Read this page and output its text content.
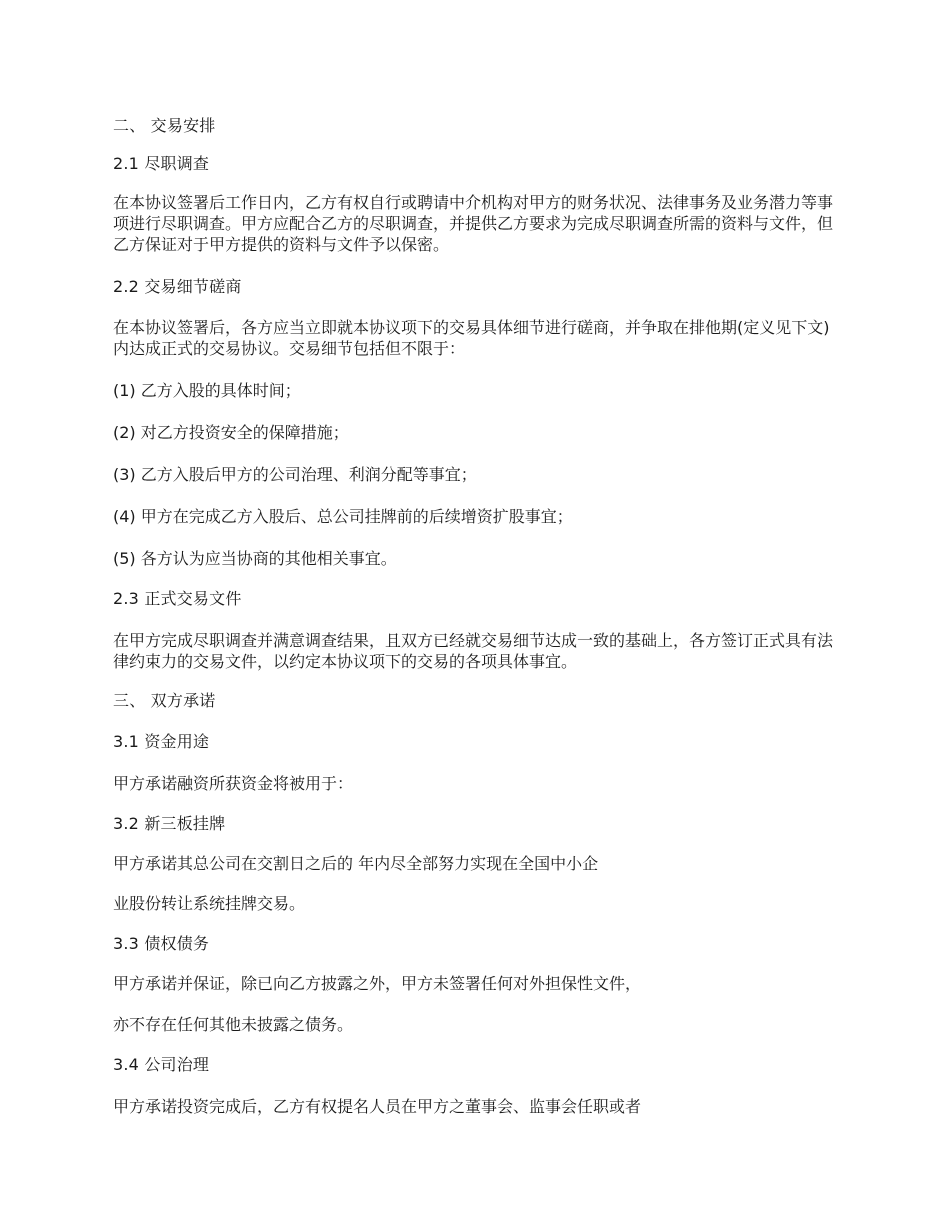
二、 交易安排

2.1 尽职调查

在本协议签署后工作日内，乙方有权自行或聘请中介机构对甲方的财务状况、法律事务及业务潜力等事项进行尽职调查。甲方应配合乙方的尽职调查，并提供乙方要求为完成尽职调查所需的资料与文件，但乙方保证对于甲方提供的资料与文件予以保密。

2.2 交易细节磋商

在本协议签署后，各方应当立即就本协议项下的交易具体细节进行磋商，并争取在排他期(定义见下文)内达成正式的交易协议。交易细节包括但不限于：

(1) 乙方入股的具体时间；

(2) 对乙方投资安全的保障措施；

(3) 乙方入股后甲方的公司治理、利润分配等事宜；

(4) 甲方在完成乙方入股后、总公司挂牌前的后续增资扩股事宜；

(5) 各方认为应当协商的其他相关事宜。

2.3 正式交易文件

在甲方完成尽职调查并满意调查结果，且双方已经就交易细节达成一致的基础上，各方签订正式具有法律约束力的交易文件，以约定本协议项下的交易的各项具体事宜。

三、 双方承诺

3.1 资金用途

甲方承诺融资所获资金将被用于：

3.2 新三板挂牌

甲方承诺其总公司在交割日之后的 年内尽全部努力实现在全国中小企

业股份转让系统挂牌交易。

3.3 债权债务

甲方承诺并保证，除已向乙方披露之外，甲方未签署任何对外担保性文件，

亦不存在任何其他未披露之债务。

3.4 公司治理

甲方承诺投资完成后，乙方有权提名人员在甲方之董事会、监事会任职或者
